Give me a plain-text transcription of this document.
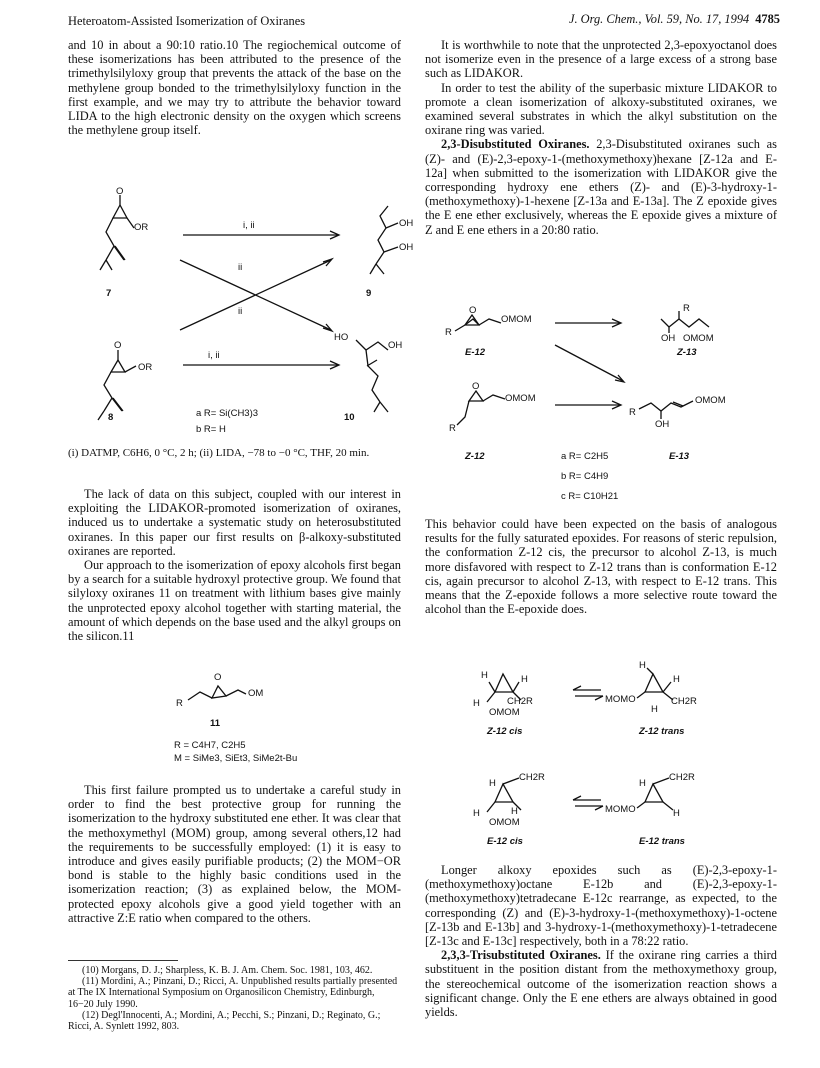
Heteroatom-Assisted Isomerization of Oxiranes	J. Org. Chem., Vol. 59, No. 17, 1994 4785

and 10 in about a 90:10 ratio.10 The regiochemical outcome of these isomerizations has been attributed to the presence of the trimethylsilyloxy group that prevents the attack of the base on the methylene group bonded to the trimethylsilyloxy function in the first example, and we may try to attribute the behavior toward LIDA to the high electronic density on the oxygen which screens the methylene group itself.

O
OR
7
i, ii	OH
OH
9
ii
ii
O
OR
i, ii
HO
OH
8	a R= Si(CH3)3
b R= H
10

(i) DATMP, C6H6, 0 °C, 2 h; (ii) LIDA, −78 to −0 °C, THF, 20 min.

The lack of data on this subject, coupled with our interest in exploiting the LIDAKOR-promoted isomerization of oxiranes, induced us to undertake a systematic study on heterosubstituted oxiranes. In this paper our first results on β-alkoxy-substituted oxiranes are reported.

Our approach to the isomerization of epoxy alcohols first began by a search for a suitable hydroxyl protective group. We found that silyloxy oxiranes 11 on treatment with lithium bases give mainly the unprotected epoxy alcohol together with starting material, the amount of which depends on the base used and the alkyl groups on the silicon.11

O
R
OM
11
R = C4H7, C2H5
M = SiMe3, SiEt3, SiMe2t-Bu

This first failure prompted us to undertake a careful study in order to find the best protective group for running the isomerization to the hydroxy substituted ene ether. It was clear that the methoxymethyl (MOM) group, among several others,12 had the requirements to be successfully employed: (1) it is easy to introduce and gives easily purifiable products; (2) the MOM−OR bond is stable to the highly basic conditions used in the isomerization reaction; (3) as explained below, the MOM-protected epoxy alcohols give a good yield together with an attractive Z:E ratio when compared to the others.

(10) Morgans, D. J.; Sharpless, K. B. J. Am. Chem. Soc. 1981, 103, 462.

(11) Mordini, A.; Pinzani, D.; Ricci, A. Unpublished results partially presented at The IX International Symposium on Organosilicon Chemistry, Edinburgh, 16−20 July 1990.

(12) Degl'Innocenti, A.; Mordini, A.; Pecchi, S.; Pinzani, D.; Reginato, G.; Ricci, A. Synlett 1992, 803.

It is worthwhile to note that the unprotected 2,3-epoxyoctanol does not isomerize even in the presence of a large excess of a strong base such as LIDAKOR.

In order to test the ability of the superbasic mixture LIDAKOR to promote a clean isomerization of alkoxy-substituted oxiranes, we examined several substrates in which the alkyl substitution on the oxirane ring was varied.

2,3-Disubstituted Oxiranes. 2,3-Disubstituted oxiranes such as (Z)- and (E)-2,3-epoxy-1-(methoxymethoxy)hexane [Z-12a and E-12a] when submitted to the isomerization with LIDAKOR give the corresponding hydroxy ene ethers (Z)- and (E)-3-hydroxy-1-(methoxymethoxy)-1-hexene [Z-13a and E-13a]. The Z epoxide gives the E ene ether exclusively, whereas the E epoxide gives a mixture of Z and E ene ethers in a 20:80 ratio.

O
R
OMOM
E-12
R
OH OMOM
Z-13
O
OMOM
R
R
OH
OMOM
Z-12	a R= C2H5
b R= C4H9
c R= C10H21
E-13

This behavior could have been expected on the basis of analogous results for the fully saturated epoxides. For reasons of steric repulsion, the conformation Z-12 cis, the precursor to alcohol Z-13, is much more disfavored with respect to Z-12 trans than is conformation E-12 cis, again precursor to alcohol Z-13, with respect to E-12 trans. This means that the Z-epoxide follows a more selective route toward the alcohol than the E-epoxide does.

H	H
H	CH2R
OMOM
H
H
MOMO	CH2R
H
Z-12 cis	Z-12 trans
H
CH2R
H	H
OMOM
H
CH2R
MOMO	H
E-12 cis	E-12 trans

Longer alkoxy epoxides such as (E)-2,3-epoxy-1-(methoxymethoxy)octane E-12b and (E)-2,3-epoxy-1-(methoxymethoxy)tetradecane E-12c rearrange, as expected, to the corresponding (Z) and (E)-3-hydroxy-1-(methoxymethoxy)-1-octene [Z-13b and E-13b] and 3-hydroxy-1-(methoxymethoxy)-1-tetradecene [Z-13c and E-13c] respectively, both in a 78:22 ratio.

2,3,3-Trisubstituted Oxiranes. If the oxirane ring carries a third substituent in the position distant from the methoxymethoxy group, the stereochemical outcome of the isomerization reaction shows a significant change. Only the E ene ethers are always obtained in good yields.
